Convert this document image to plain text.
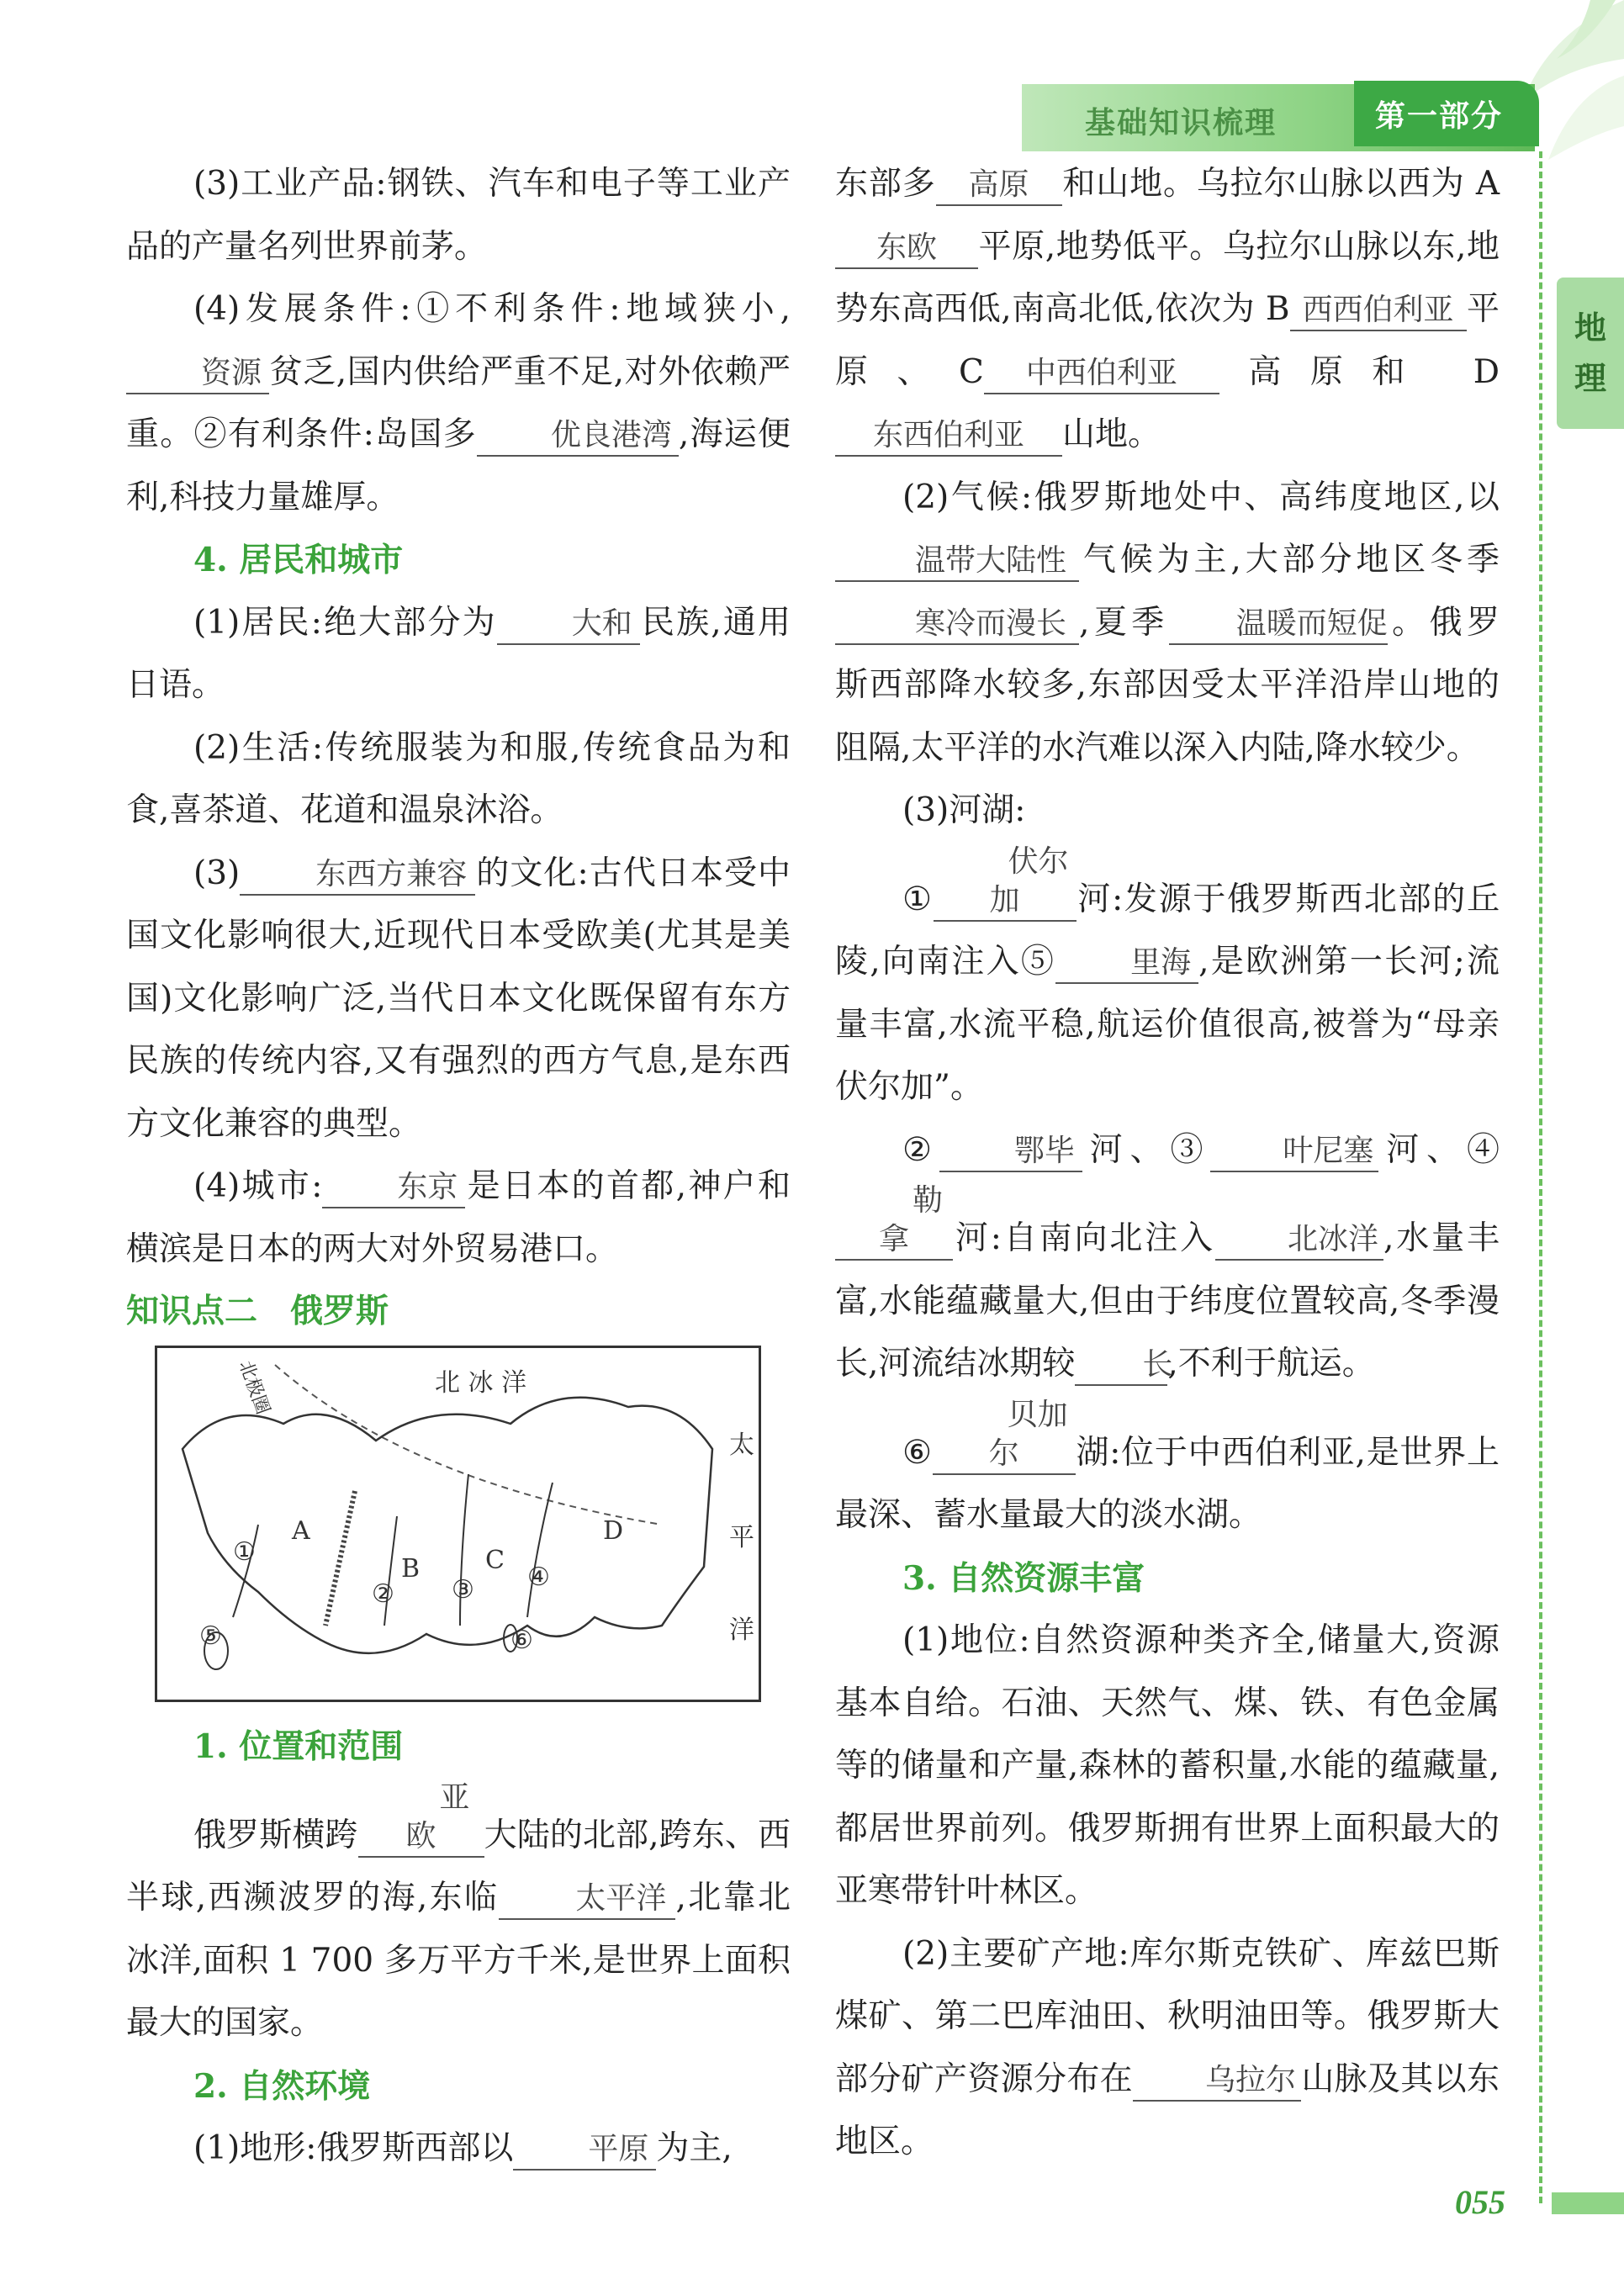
基础知识梳理	第一部分
地
理

(3)工业产品:钢铁、汽车和电子等工业产品的产量名列世界前茅。

(4)发展条件:①不利条件:地域狭小,资源 贫乏,国内供给严重不足,对外依赖严重。②有利条件:岛国多 优良港湾 ,海运便利,科技力量雄厚。

4. 居民和城市

(1)居民:绝大部分为 大和 民族,通用日语。

(2)生活:传统服装为和服,传统食品为和食,喜茶道、花道和温泉沐浴。

(3) 东西方兼容 的文化:古代日本受中国文化影响很大,近现代日本受欧美(尤其是美国)文化影响广泛,当代日本文化既保留有东方民族的传统内容,又有强烈的西方气息,是东西方文化兼容的典型。

(4)城市: 东京 是日本的首都,神户和横滨是日本的两大对外贸易港口。

知识点二　俄罗斯

北 冰 洋
北极圈
太
平
洋
A
B	C
D
①
② ③ ④
⑤	⑥

1. 位置和范围

俄罗斯横跨亚欧 大陆的北部,跨东、西半球,西濒波罗的海,东临	太平洋 ,北靠北冰洋,面积 1 700 多万平方千米,是世界上面积最大的国家。

2. 自然环境

(1)地形:俄罗斯西部以 平原 为主,

东部多 高原 和山地。乌拉尔山脉以西为 A东欧 平原,地势低平。乌拉尔山脉以东,地势东高西低,南高北低,依次为 B 西西伯利亚 平原、C 中西伯利亚 高原和 D东西伯利亚 山地。

(2)气候:俄罗斯地处中、高纬度地区,以温带大陆性 气候为主,大部分地区冬季寒冷而漫长 ,夏季 温暖而短促。俄罗斯西部降水较多,东部因受太平洋沿岸山地的阻隔,太平洋的水汽难以深入内陆,降水较少。

(3)河湖:

①伏尔加 河:发源于俄罗斯西北部的丘陵,向南注入⑤ 里海 ,是欧洲第一长河;流量丰富,水流平稳,航运价值很高,被誉为“母亲伏尔加”。

② 鄂毕 河、③ 叶尼塞 河、④勒拿 河:自南向北注入 北冰洋 ,水量丰富,水能蕴藏量大,但由于纬度位置较高,冬季漫长,河流结冰期较 长,不利于航运。

⑥贝加尔 湖:位于中西伯利亚,是世界上最深、蓄水量最大的淡水湖。

3. 自然资源丰富

(1)地位:自然资源种类齐全,储量大,资源基本自给。石油、天然气、煤、铁、有色金属等的储量和产量,森林的蓄积量,水能的蕴藏量,都居世界前列。俄罗斯拥有世界上面积最大的亚寒带针叶林区。

(2)主要矿产地:库尔斯克铁矿、库兹巴斯煤矿、第二巴库油田、秋明油田等。俄罗斯大部分矿产资源分布在 乌拉尔 山脉及其以东地区。

055
